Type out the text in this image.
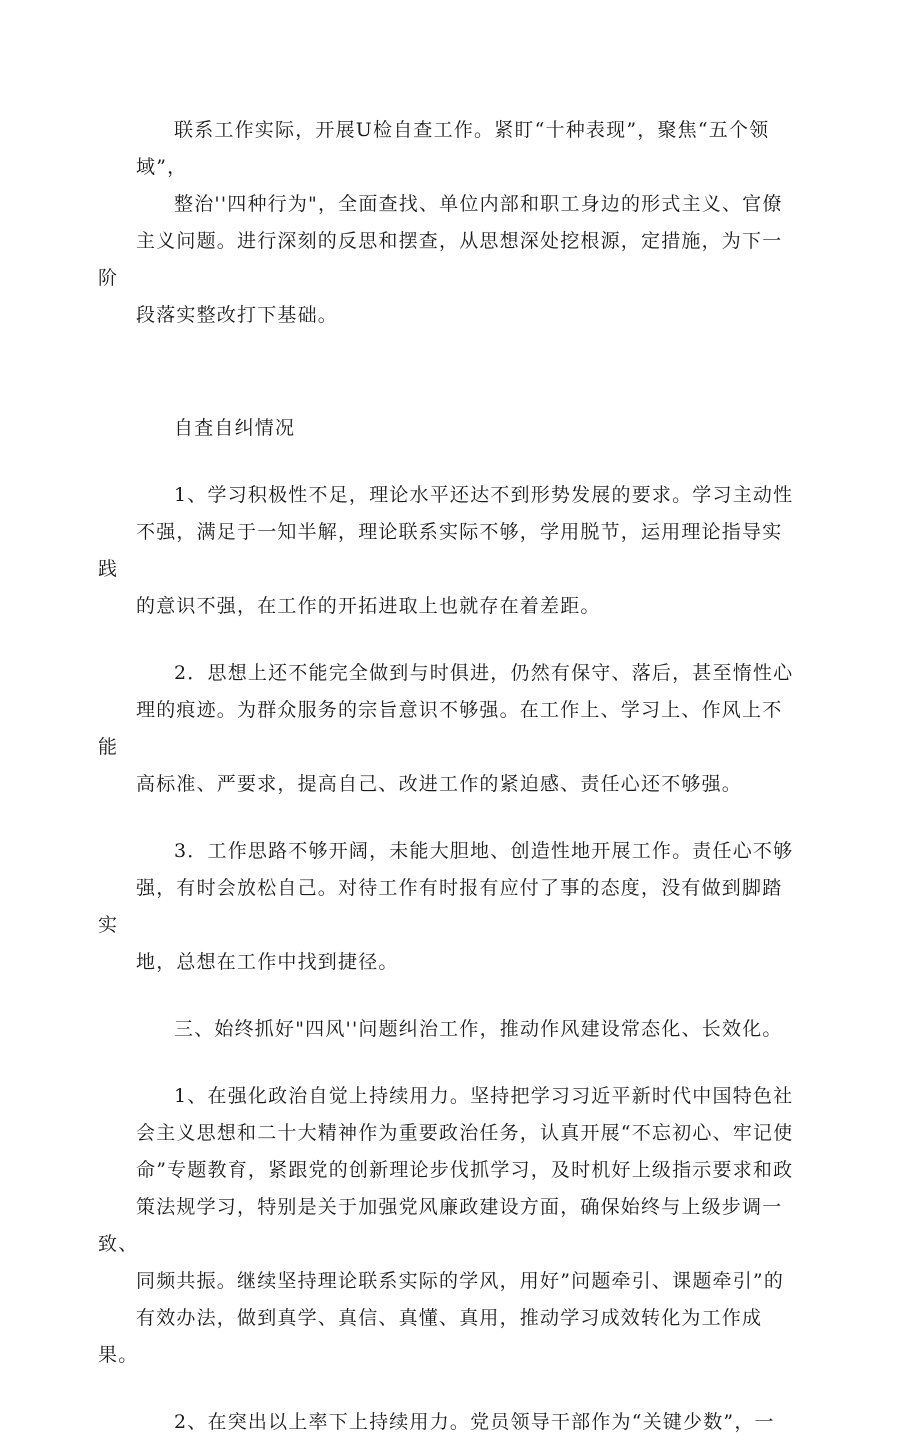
联系工作实际，开展U检自查工作。紧盯“十种表现”，聚焦“五个领
域”，

整治''四种行为"，全面查找、单位内部和职工身边的形式主义、官僚
主义问题。进行深刻的反思和摆查，从思想深处挖根源，定措施，为下一阶
段落实整改打下基础。

自査自纠情况

1、学习积极性不足，理论水平还达不到形势发展的要求。学习主动性
不强，满足于一知半解，理论联系实际不够，学用脱节，运用理论指导实践
的意识不强，在工作的开拓进取上也就存在着差距。

2．思想上还不能完全做到与时俱进，仍然有保守、落后，甚至惰性心
理的痕迹。为群众服务的宗旨意识不够强。在工作上、学习上、作风上不能
高标准、严要求，提高自己、改进工作的紧迫感、责任心还不够强。

3．工作思路不够开阔，未能大胆地、创造性地开展工作。责任心不够
强，有时会放松自己。对待工作有时报有应付了事的态度，没有做到脚踏实
地，总想在工作中找到捷径。

三、始终抓好"四风''问题纠治工作，推动作风建设常态化、长效化。

1、在强化政治自觉上持续用力。坚持把学习习近平新时代中国特色社
会主义思想和二十大精神作为重要政治任务，认真开展“不忘初心、牢记使
命”专题教育，紧跟党的创新理论步伐抓学习，及时机好上级指示要求和政
策法规学习，特别是关于加强党风廉政建设方面，确保始终与上级步调一致、
同频共振。继续坚持理论联系实际的学风，用好”问题牵引、课题牵引”的
有效办法，做到真学、真信、真懂、真用，推动学习成效转化为工作成果。

2、在突出以上率下上持续用力。党员领导干部作为“关键少数”，一
